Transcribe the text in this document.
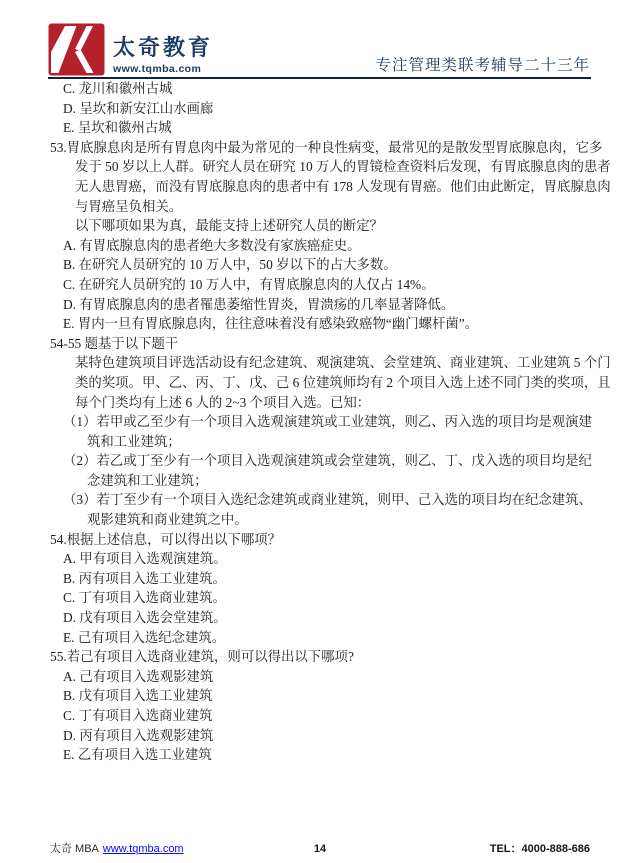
太奇教育
www.tqmba.com	专注管理类联考辅导二十三年
C. 龙川和徽州古城
D. 呈坎和新安江山水画廊
E. 呈坎和徽州古城
53.胃底腺息肉是所有胃息肉中最为常见的一种良性病变，最常见的是散发型胃底腺息肉，它多
发于 50 岁以上人群。研究人员在研究 10 万人的胃镜检查资料后发现，有胃底腺息肉的患者
无人患胃癌，而没有胃底腺息肉的患者中有 178 人发现有胃癌。他们由此断定，胃底腺息肉
与胃癌呈负相关。
以下哪项如果为真，最能支持上述研究人员的断定？
A. 有胃底腺息肉的患者绝大多数没有家族癌症史。
B. 在研究人员研究的 10 万人中，50 岁以下的占大多数。
C. 在研究人员研究的 10 万人中，有胃底腺息肉的人仅占 14%。
D. 有胃底腺息肉的患者罹患萎缩性胃炎，胃溃疡的几率显著降低。
E. 胃内一旦有胃底腺息肉，往往意味着没有感染致癌物“幽门螺杆菌”。
54-55 题基于以下题干
某特色建筑项目评选活动设有纪念建筑、观演建筑、会堂建筑、商业建筑、工业建筑 5 个门
类的奖项。甲、乙、丙、丁、戊、己 6 位建筑师均有 2 个项目入选上述不同门类的奖项，且
每个门类均有上述 6 人的 2~3 个项目入选。已知：
（1）若甲或乙至少有一个项目入选观演建筑或工业建筑，则乙、丙入选的项目均是观演建
筑和工业建筑；
（2）若乙或丁至少有一个项目入选观演建筑或会堂建筑，则乙、丁、戊入选的项目均是纪
念建筑和工业建筑；
（3）若丁至少有一个项目入选纪念建筑或商业建筑，则甲、己入选的项目均在纪念建筑、
观影建筑和商业建筑之中。
54.根据上述信息，可以得出以下哪项？
A. 甲有项目入选观演建筑。
B. 丙有项目入选工业建筑。
C. 丁有项目入选商业建筑。
D. 戊有项目入选会堂建筑。
E. 己有项目入选纪念建筑。
55.若己有项目入选商业建筑，则可以得出以下哪项?
A. 己有项目入选观影建筑
B. 戊有项目入选工业建筑
C. 丁有项目入选商业建筑
D. 丙有项目入选观影建筑
E. 乙有项目入选工业建筑
太奇 MBA www.tqmba.com	14	TEL：4000-888-686
